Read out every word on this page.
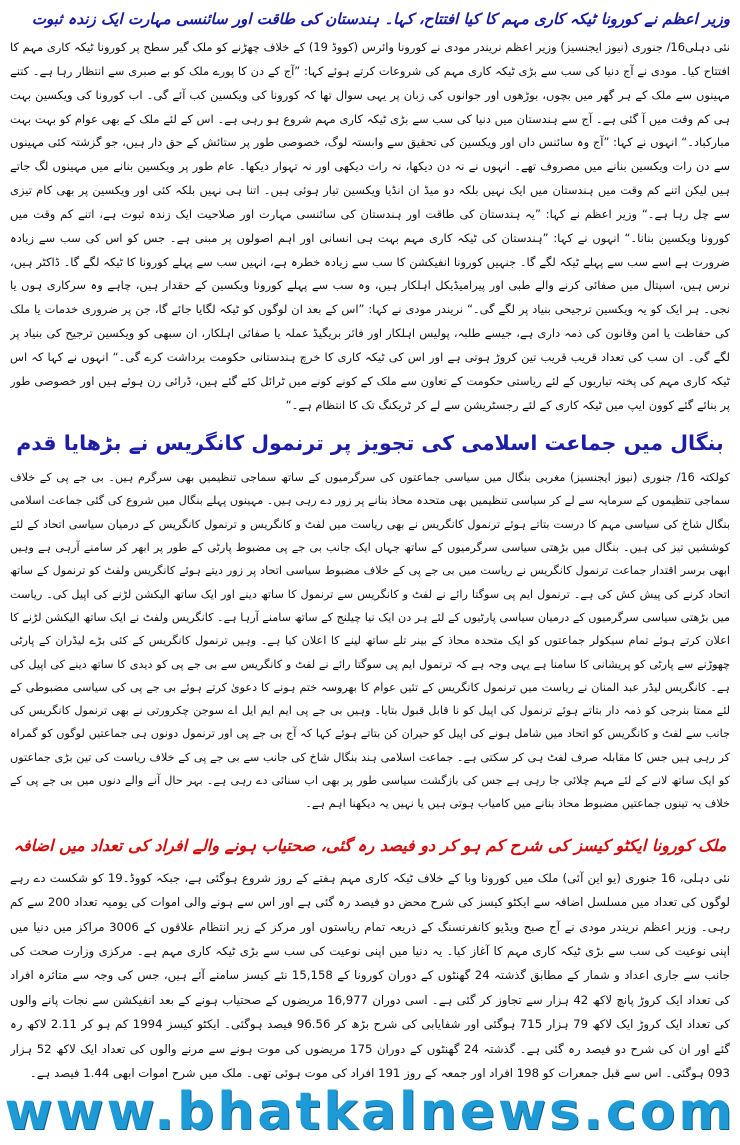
وزیر اعظم نے کورونا ٹیکہ کاری مہم کا کیا افتتاح، کہا۔ ہندستان کی طاقت اور سائنسی مہارت ایک زندہ ثبوت

نئی دہلی16/ جنوری (نیوز ایجنسیز) وزیر اعظم نریندر مودی نے کورونا وائرس (کووڈ 19) کے خلاف چھڑنے کو ملک گیر سطح پر کورونا ٹیکہ کاری مہم کا افتتاح کیا۔ مودی نے آج دنیا کی سب سے بڑی ٹیکہ کاری مہم کی شروعات کرتے ہوئے کہا: ”آج کے دن کا پورے ملک کو بے صبری سے انتظار رہا ہے۔ کتنے مہینوں سے ملک کے ہر گھر میں بچوں، بوڑھوں اور جوانوں کی زبان پر یہی سوال تھا کہ کورونا کی ویکسین کب آئے گی۔ اب کورونا کی ویکسین بہت ہی کم وقت میں آ گئی ہے۔ آج سے ہندستان میں دنیا کی سب سے بڑی ٹیکہ کاری مہم شروع ہو رہی ہے۔ اس کے لئے ملک کے بھی عوام کو بہت بہت مبارکباد۔“ انہوں نے کہا: ”آج وہ سائنس داں اور ویکسین کی تحقیق سے وابستہ لوگ، خصوصی طور پر ستائش کے حق دار ہیں، جو گزشتہ کئی مہینوں سے دن رات ویکسین بنانے میں مصروف تھے۔ انہوں نے نہ دن دیکھا، نہ رات دیکھی اور نہ تہوار دیکھا۔ عام طور پر ویکسین بنانے میں مہینوں لگ جاتے ہیں لیکن اتنے کم وقت میں ہندستان میں ایک نہیں بلکہ دو میڈ ان انڈیا ویکسین تیار ہوئی ہیں۔ اتنا ہی نہیں بلکہ کئی اور ویکسین پر بھی کام تیزی سے چل رہا ہے۔“ وزیر اعظم نے کہا: ”یہ ہندستان کی طاقت اور ہندستان کی سائنسی مہارت اور صلاحیت ایک زندہ ثبوت ہے، اتنے کم وقت میں کورونا ویکسین بنانا۔“ انہوں نے کہا: ”ہندستان کی ٹیکہ کاری مہم بہت ہی انسانی اور اہم اصولوں پر مبنی ہے۔ جس کو اس کی سب سے زیادہ ضرورت ہے اسے سب سے پہلے ٹیکہ لگے گا۔ جنہیں کورونا انفیکشن کا سب سے زیادہ خطرہ ہے، انہیں سب سے پہلے کورونا کا ٹیکہ لگے گا۔ ڈاکٹر ہیں، نرس ہیں، اسپتال میں صفائی کرنے والے طبی اور پیرامیڈیکل اہلکار ہیں، وہ سب سے پہلے کورونا ویکسین کے حقدار ہیں، چاہے وہ سرکاری ہوں یا نجی۔ ہر ایک کو یہ ویکسین ترجیحی بنیاد پر لگے گی۔“ نریندر مودی نے کہا: ”اس کے بعد ان لوگوں کو ٹیکہ لگایا جائے گا، جن پر ضروری خدمات یا ملک کی حفاظت یا امن وقانون کی ذمہ داری ہے، جیسے طلبہ، پولیس اہلکار اور فائر بریگیڈ عملہ یا صفائی اہلکار، ان سبھی کو ویکسین ترجیح کی بنیاد پر لگے گی۔ ان سب کی تعداد قریب قریب تین کروڑ ہوتی ہے اور اس کی ٹیکہ کاری کا خرچ ہندستانی حکومت برداشت کرے گی۔“ انہوں نے کہا کہ اس ٹیکہ کاری مہم کی پختہ تیاریوں کے لئے ریاستی حکومت کے تعاون سے ملک کے کونے کونے میں ٹرائل کئے گئے ہیں، ڈرائی رن ہوئے ہیں اور خصوصی طور پر بنائے گئے کوون ایپ میں ٹیکہ کاری کے لئے رجسٹریشن سے لے کر ٹریکنگ تک کا انتظام ہے۔“

بنگال میں جماعت اسلامی کی تجویز پر ترنمول کانگریس نے بڑھایا قدم

کولکتہ 16/ جنوری (نیوز ایجنسیز) مغربی بنگال میں سیاسی جماعتوں کی سرگرمیوں کے ساتھ سماجی تنظیمیں بھی سرگرم ہیں۔ بی جے پی کے خلاف سماجی تنظیموں کے سرمایہ سے لے کر سیاسی تنظیمیں بھی متحدہ محاذ بنانے پر زور دے رہی ہیں۔ مہینوں پہلے بنگال میں شروع کی گئی جماعت اسلامی بنگال شاخ کی سیاسی مہم کا درست بتاتے ہوئے ترنمول کانگریس نے بھی ریاست میں لفٹ و کانگریس و ترنمول کانگریس کے درمیان سیاسی اتحاد کے لئے کوششیں تیز کی ہیں۔ بنگال میں بڑھتی سیاسی سرگرمیوں کے ساتھ جہاں ایک جانب بی جے پی مضبوط پارٹی کے طور پر ابھر کر سامنے آرہی ہے وہیں ابھی برسر اقتدار جماعت ترنمول کانگریس نے ریاست میں بی جے پی کے خلاف مضبوط سیاسی اتحاد پر زور دیتے ہوئے کانگریس ولفٹ کو ترنمول کے ساتھ اتحاد کرنے کی پیش کش کی ہے۔ ترنمول ایم پی سوگتا رائے نے لفٹ و کانگریس سے ترنمول کا ساتھ دینے اور ایک ساتھ الیکشن لڑنے کی اپیل کی۔ ریاست میں بڑھتی سیاسی سرگرمیوں کے درمیان سیاسی پارٹیوں کے لئے ہر دن ایک نیا چیلنج کے ساتھ سامنے آرہا ہے۔ کانگریس ولفٹ نے ایک ساتھ الیکشن لڑنے کا اعلان کرتے ہوئے تمام سیکولر جماعتوں کو ایک متحدہ محاذ کے بینر تلے ساتھ لینے کا اعلان کیا ہے۔ وہیں ترنمول کانگریس کے کئی بڑے لیڈران کے پارٹی چھوڑنے سے پارٹی کو پریشانی کا سامنا ہے یہی وجہ ہے کہ ترنمول ایم پی سوگتا رائے نے لفٹ و کانگریس سے بی جے پی کو دیدی کا ساتھ دینے کی اپیل کی ہے۔ کانگریس لیڈر عبد المنان نے ریاست میں ترنمول کانگریس کے تئیں عوام کا بھروسہ ختم ہونے کا دعویٰ کرتے ہوئے بی جے پی کی سیاسی مضبوطی کے لئے ممتا بنرجی کو ذمہ دار بتاتے ہوئے ترنمول کی اپیل کو نا قابل قبول بتایا۔ وہیں بی جے پی ایم ایم ایل اے سوجن چکرورتی نے بھی ترنمول کانگریس کی جانب سے لفٹ و کانگریس کو اتحاد میں شامل ہونے کی اپیل کو حیران کن بتاتے ہوئے کہا کہ آج بی جے پی اور ترنمول دونوں ہی جماعتیں لوگوں کو گمراہ کر رہی ہیں جس کا مقابلہ صرف لفٹ ہی کر سکتی ہے۔ جماعت اسلامی ہند بنگال شاخ کی جانب سے بی جے پی کے خلاف ریاست کی تین بڑی جماعتوں کو ایک ساتھ لانے کے لئے مہم چلائی جا رہی ہے جس کی بازگشت سیاسی طور پر بھی اب سنائی دے رہی ہے۔ بہر حال آنے والے دنوں میں بی جے پی کے خلاف یہ تینوں جماعتیں مضبوط محاذ بنانے میں کامیاب ہوتی ہیں یا نہیں یہ دیکھنا اہم ہے۔

ملک کورونا ایکٹو کیسز کی شرح کم ہو کر دو فیصد رہ گئی، صحتیاب ہونے والے افراد کی تعداد میں اضافہ

نئی دہلی، 16 جنوری (یو این آئی) ملک میں کورونا وبا کے خلاف ٹیکہ کاری مہم ہفتے کے روز شروع ہوگئی ہے، جبکہ کووڈ۔19 کو شکست دے رہے لوگوں کی تعداد میں مسلسل اضافہ سے ایکٹو کیسز کی شرح محض دو فیصد رہ گئی ہے اور اس سے ہونے والی اموات کی یومیہ تعداد 200 سے کم رہی۔ وزیر اعظم نریندر مودی نے آج صبح ویڈیو کانفرنسنگ کے ذریعہ تمام ریاستوں اور مرکز کے زیر انتظام علاقوں کے 3006 مراکز میں دنیا میں اپنی نوعیت کی سب سے بڑی ٹیکہ کاری مہم کا آغاز کیا۔ یہ دنیا میں اپنی نوعیت کی سب سے بڑی ٹیکہ کاری مہم ہے۔ مرکزی وزارت صحت کی جانب سے جاری اعداد و شمار کے مطابق گذشتہ 24 گھنٹوں کے دوران کورونا کے 15,158 نئے کیسز سامنے آئے ہیں، جس کی وجہ سے متاثرہ افراد کی تعداد ایک کروڑ پانچ لاکھ 42 ہزار سے تجاوز کر گئی ہے۔ اسی دوران 16,977 مریضوں کے صحتیاب ہونے کے بعد انفیکشن سے نجات پانے والوں کی تعداد ایک کروڑ ایک لاکھ 79 ہزار 715 ہوگئی اور شفایابی کی شرح بڑھ کر 96.56 فیصد ہوگئی۔ ایکٹو کیسز 1994 کم ہو کر 2.11 لاکھ رہ گئے اور ان کی شرح دو فیصد رہ گئی ہے۔ گذشتہ 24 گھنٹوں کے دوران 175 مریضوں کی موت ہونے سے مرنے والوں کی تعداد ایک لاکھ 52 ہزار 093 ہوگئی۔ اس سے قبل جمعرات کو 198 افراد اور جمعہ کے روز 191 افراد کی موت ہوئی تھی۔ ملک میں شرح اموات ابھی 1.44 فیصد ہے۔

www.bhatkalnews.com
